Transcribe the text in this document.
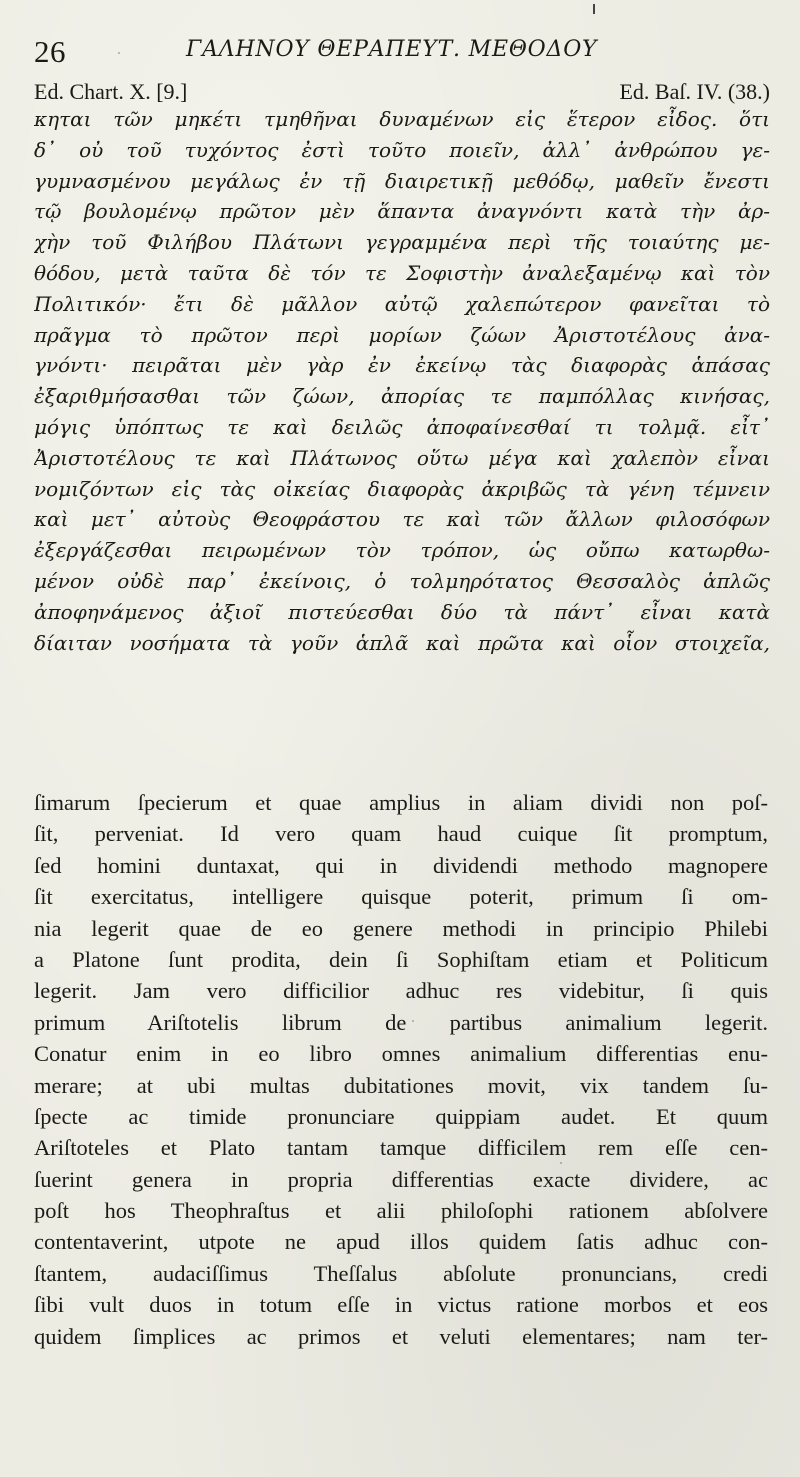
26	ΓΑΛΗΝΟΥ ΘΕΡΑΠΕΥΤ. ΜΕΘΟΔΟΥ
Ed. Chart. X. [9.]	Ed. Baſ. IV. (38.)
κηται τῶν μηκέτι τμηθῆναι δυναμένων εἰς ἕτερον εἶδος. ὅτι
δ᾽ οὐ τοῦ τυχόντος ἐστὶ τοῦτο ποιεῖν, ἀλλ᾽ ἀνθρώπου γε-
γυμνασμένου μεγάλως ἐν τῇ διαιρετικῇ μεθόδῳ, μαθεῖν ἔνεστι
τῷ βουλομένῳ πρῶτον μὲν ἅπαντα ἀναγνόντι κατὰ τὴν ἀρ-
χὴν τοῦ Φιλήβου Πλάτωνι γεγραμμένα περὶ τῆς τοιαύτης με-
θόδου, μετὰ ταῦτα δὲ τόν τε Σοφιστὴν ἀναλεξαμένῳ καὶ τὸν
Πολιτικόν· ἔτι δὲ μᾶλλον αὐτῷ χαλεπώτερον φανεῖται τὸ
πρᾶγμα τὸ πρῶτον περὶ μορίων ζώων Ἀριστοτέλους ἀνα-
γνόντι· πειρᾶται μὲν γὰρ ἐν ἐκείνῳ τὰς διαφορὰς ἁπάσας
ἐξαριθμήσασθαι τῶν ζώων, ἀπορίας τε παμπόλλας κινήσας,
μόγις ὑπόπτως τε καὶ δειλῶς ἀποφαίνεσθαί τι τολμᾷ. εἶτ᾽
Ἀριστοτέλους τε καὶ Πλάτωνος οὕτω μέγα καὶ χαλεπὸν εἶναι
νομιζόντων εἰς τὰς οἰκείας διαφορὰς ἀκριβῶς τὰ γένη τέμνειν
καὶ μετ᾽ αὐτοὺς Θεοφράστου τε καὶ τῶν ἄλλων φιλοσόφων
ἐξεργάζεσθαι πειρωμένων τὸν τρόπον, ὡς οὔπω κατωρθω-
μένον οὐδὲ παρ᾽ ἐκείνοις, ὁ τολμηρότατος Θεσσαλὸς ἁπλῶς
ἀποφηνάμενος ἀξιοῖ πιστεύεσθαι δύο τὰ πάντ᾽ εἶναι κατὰ
δίαιταν νοσήματα τὰ γοῦν ἁπλᾶ καὶ πρῶτα καὶ οἷον στοιχεῖα,
ſimarum ſpecierum et quae amplius in aliam dividi non poſ-
ſit, perveniat. Id vero quam haud cuique ſit promptum,
ſed homini duntaxat, qui in dividendi methodo magnopere
ſit exercitatus, intelligere quisque poterit, primum ſi om-
nia legerit quae de eo genere methodi in principio Philebi
a Platone ſunt prodita, dein ſi Sophiſtam etiam et Politicum
legerit. Jam vero difficilior adhuc res videbitur, ſi quis
primum Ariſtotelis librum de partibus animalium legerit.
Conatur enim in eo libro omnes animalium differentias enu-
merare; at ubi multas dubitationes movit, vix tandem ſu-
ſpecte ac timide pronunciare quippiam audet. Et quum
Ariſtoteles et Plato tantam tamque difficilem rem eſſe cen-
ſuerint genera in propria differentias exacte dividere, ac
poſt hos Theophraſtus et alii philoſophi rationem abſolvere
contentaverint, utpote ne apud illos quidem ſatis adhuc con-
ſtantem, audaciſſimus Theſſalus abſolute pronuncians, credi
ſibi vult duos in totum eſſe in victus ratione morbos et eos
quidem ſimplices ac primos et veluti elementares; nam ter-
